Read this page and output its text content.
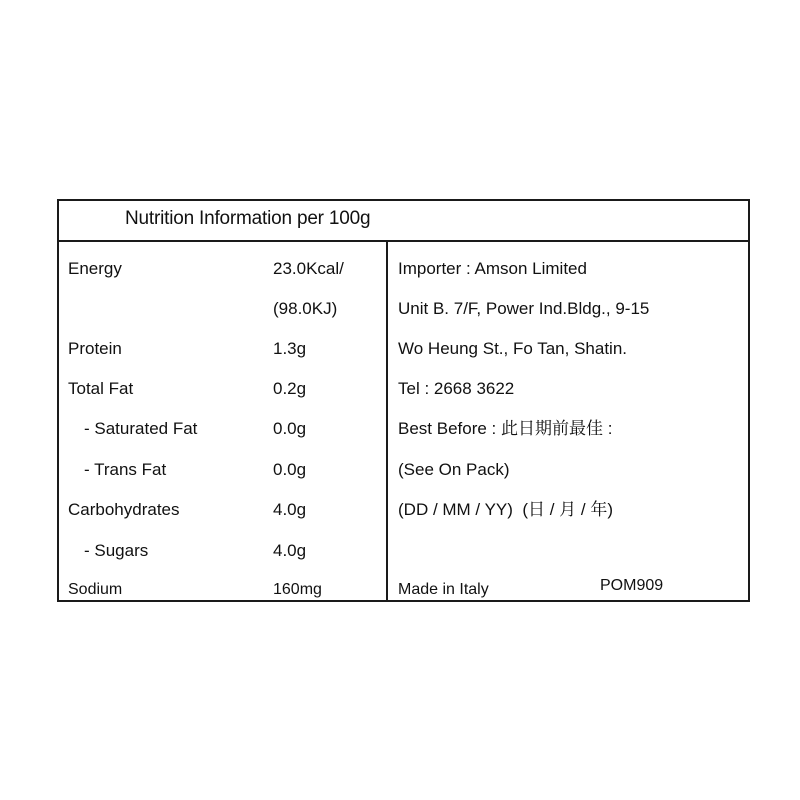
Nutrition Information per 100g
Energy	23.0Kcal/
(98.0KJ)
Protein	1.3g
Total Fat	0.2g
- Saturated Fat	0.0g
- Trans Fat	0.0g
Carbohydrates	4.0g
- Sugars	4.0g
Sodium	160mg
Importer : Amson Limited
Unit B. 7/F, Power Ind.Bldg., 9-15
Wo Heung St., Fo Tan, Shatin.
Tel : 2668 3622
Best Before : 此日期前最佳 :
(See On Pack)
(DD / MM / YY)  (日 / 月 / 年)
Made in Italy	POM909
